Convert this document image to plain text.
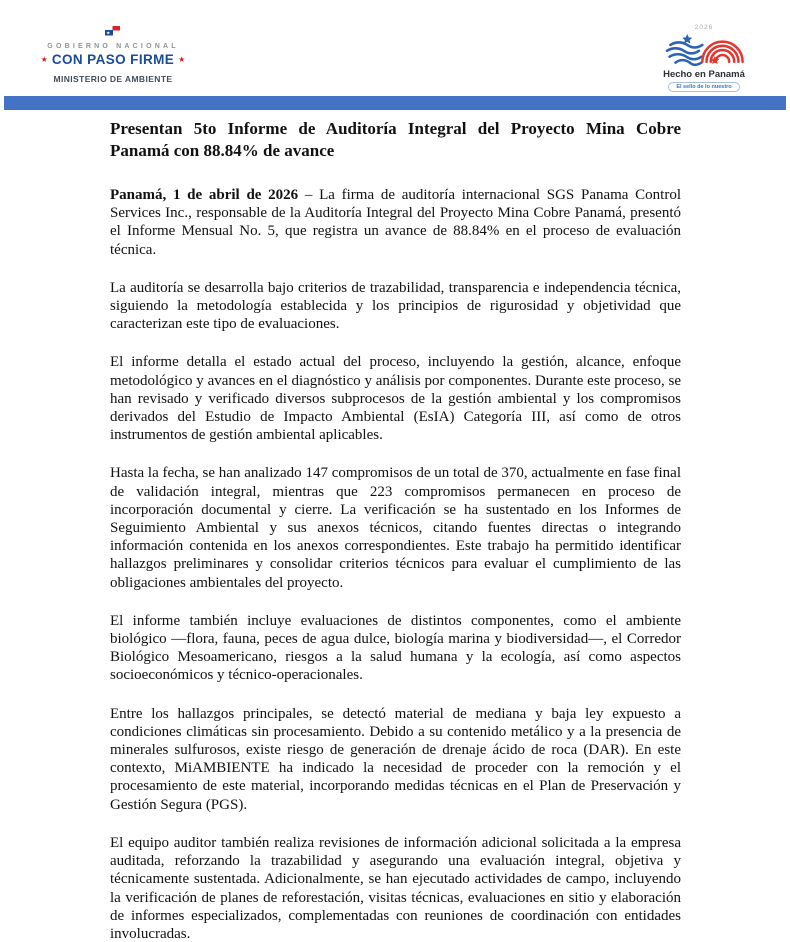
GOBIERNO NACIONAL
★ CON PASO FIRME ★
MINISTERIO DE AMBIENTE
2026
Hecho en Panamá
El sello de lo nuestro
Presentan 5to Informe de Auditoría Integral del Proyecto Mina Cobre Panamá con 88.84% de avance

Panamá, 1 de abril de 2026 – La firma de auditoría internacional SGS Panama Control Services Inc., responsable de la Auditoría Integral del Proyecto Mina Cobre Panamá, presentó el Informe Mensual No. 5, que registra un avance de 88.84% en el proceso de evaluación técnica.

La auditoría se desarrolla bajo criterios de trazabilidad, transparencia e independencia técnica, siguiendo la metodología establecida y los principios de rigurosidad y objetividad que caracterizan este tipo de evaluaciones.

El informe detalla el estado actual del proceso, incluyendo la gestión, alcance, enfoque metodológico y avances en el diagnóstico y análisis por componentes. Durante este proceso, se han revisado y verificado diversos subprocesos de la gestión ambiental y los compromisos derivados del Estudio de Impacto Ambiental (EsIA) Categoría III, así como de otros instrumentos de gestión ambiental aplicables.

Hasta la fecha, se han analizado 147 compromisos de un total de 370, actualmente en fase final de validación integral, mientras que 223 compromisos permanecen en proceso de incorporación documental y cierre. La verificación se ha sustentado en los Informes de Seguimiento Ambiental y sus anexos técnicos, citando fuentes directas o integrando información contenida en los anexos correspondientes. Este trabajo ha permitido identificar hallazgos preliminares y consolidar criterios técnicos para evaluar el cumplimiento de las obligaciones ambientales del proyecto.

El informe también incluye evaluaciones de distintos componentes, como el ambiente biológico —flora, fauna, peces de agua dulce, biología marina y biodiversidad—, el Corredor Biológico Mesoamericano, riesgos a la salud humana y la ecología, así como aspectos socioeconómicos y técnico-operacionales.

Entre los hallazgos principales, se detectó material de mediana y baja ley expuesto a condiciones climáticas sin procesamiento. Debido a su contenido metálico y a la presencia de minerales sulfurosos, existe riesgo de generación de drenaje ácido de roca (DAR). En este contexto, MiAMBIENTE ha indicado la necesidad de proceder con la remoción y el procesamiento de este material, incorporando medidas técnicas en el Plan de Preservación y Gestión Segura (PGS).

El equipo auditor también realiza revisiones de información adicional solicitada a la empresa auditada, reforzando la trazabilidad y asegurando una evaluación integral, objetiva y técnicamente sustentada. Adicionalmente, se han ejecutado actividades de campo, incluyendo la verificación de planes de reforestación, visitas técnicas, evaluaciones en sitio y elaboración de informes especializados, complementadas con reuniones de coordinación con entidades involucradas.
